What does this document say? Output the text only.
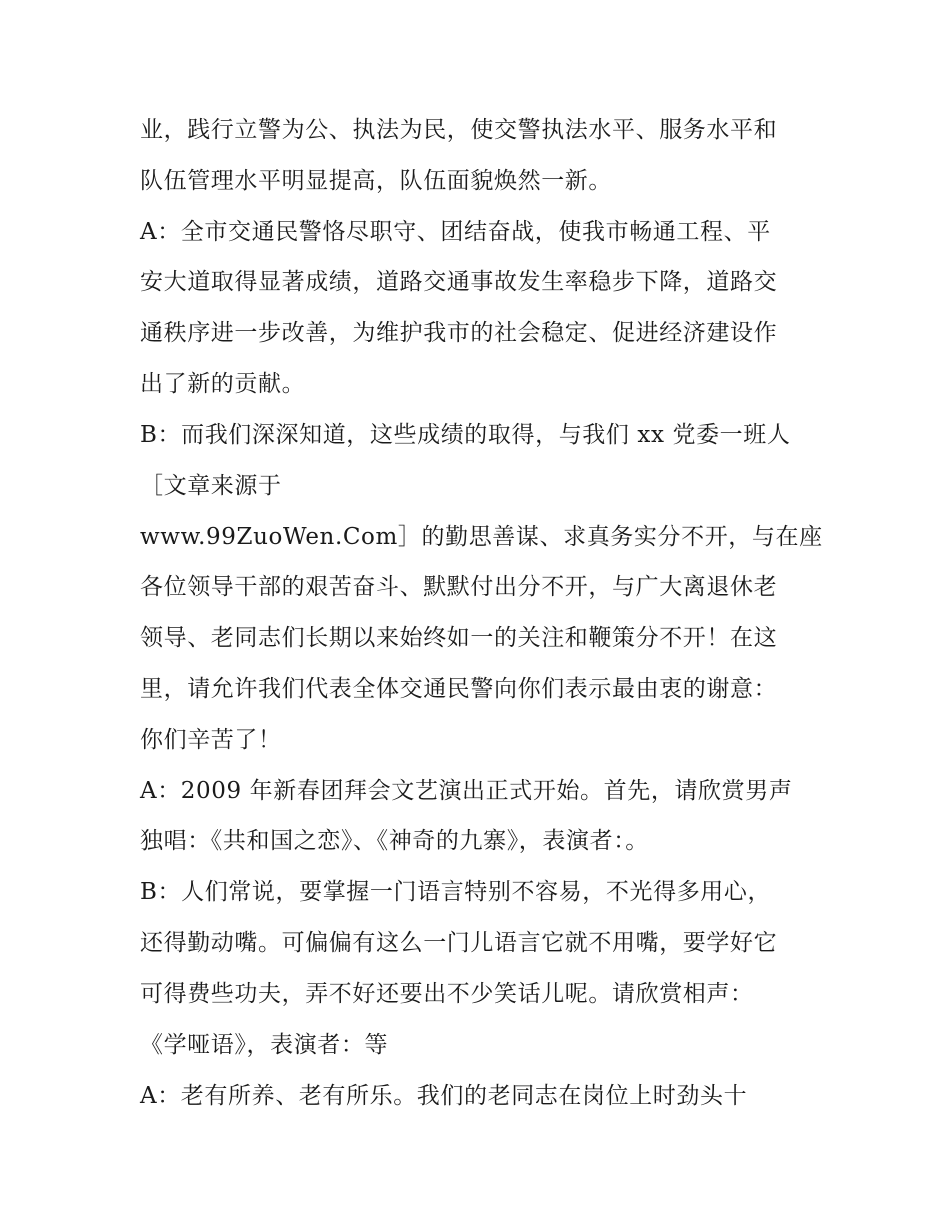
业，践行立警为公、执法为民，使交警执法水平、服务水平和
队伍管理水平明显提高，队伍面貌焕然一新。
A：全市交通民警恪尽职守、团结奋战，使我市畅通工程、平
安大道取得显著成绩，道路交通事故发生率稳步下降，道路交
通秩序进一步改善，为维护我市的社会稳定、促进经济建设作
出了新的贡献。
B：而我们深深知道，这些成绩的取得，与我们 xx 党委一班人
［文章来源于
www.99ZuoWen.Com］的勤思善谋、求真务实分不开，与在座
各位领导干部的艰苦奋斗、默默付出分不开，与广大离退休老
领导、老同志们长期以来始终如一的关注和鞭策分不开！在这
里，请允许我们代表全体交通民警向你们表示最由衷的谢意：
你们辛苦了！
A：2009 年新春团拜会文艺演出正式开始。首先，请欣赏男声
独唱：《共和国之恋》、《神奇的九寨》，表演者：。
B：人们常说，要掌握一门语言特别不容易，不光得多用心，
还得勤动嘴。可偏偏有这么一门儿语言它就不用嘴，要学好它
可得费些功夫，弄不好还要出不少笑话儿呢。请欣赏相声：
《学哑语》，表演者：等
A：老有所养、老有所乐。我们的老同志在岗位上时劲头十
